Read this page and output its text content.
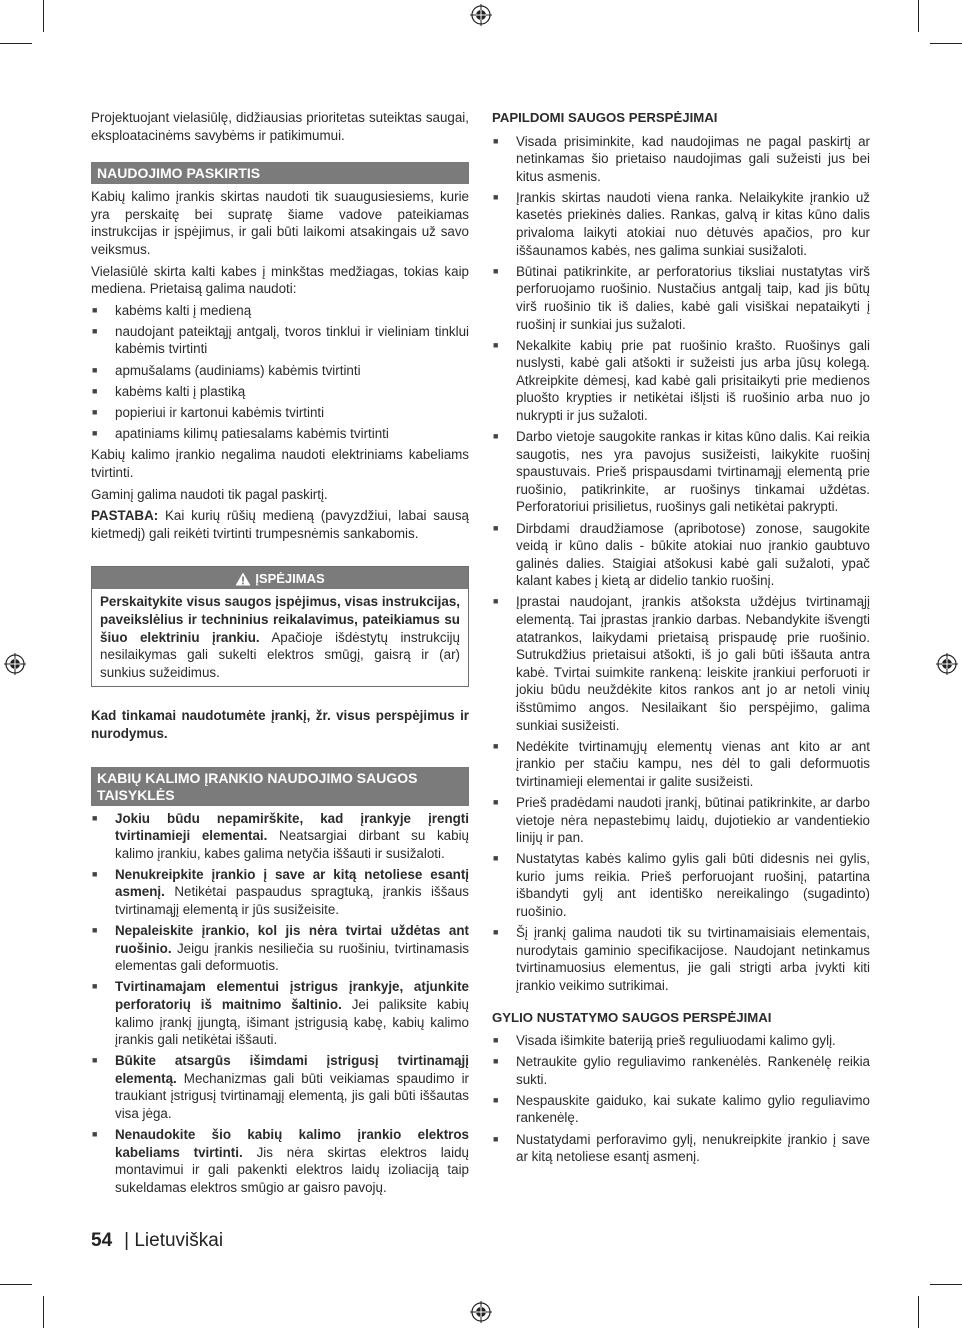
Projektuojant vielasiūlę, didžiausias prioritetas suteiktas saugai, eksploatacinėms savybėms ir patikimumui.

NAUDOJIMO PASKIRTIS

Kabių kalimo įrankis skirtas naudoti tik suaugusiesiems, kurie yra perskaitę bei supratę šiame vadove pateikiamas instrukcijas ir įspėjimus, ir gali būti laikomi atsakingais už savo veiksmus.

Vielasiūlė skirta kalti kabes į minkštas medžiagas, tokias kaip mediena. Prietaisą galima naudoti:

■ kabėms kalti į medieną
■ naudojant pateiktąjį antgalį, tvoros tinklui ir vieliniam tinklui kabėmis tvirtinti
■ apmušalams (audiniams) kabėmis tvirtinti
■ kabėms kalti į plastiką
■ popieriui ir kartonui kabėmis tvirtinti
■ apatiniams kilimų patiesalams kabėmis tvirtinti

Kabių kalimo įrankio negalima naudoti elektriniams kabeliams tvirtinti.

Gaminį galima naudoti tik pagal paskirtį.

PASTABA: Kai kurių rūšių medieną (pavyzdžiui, labai sausą kietmedį) gali reikėti tvirtinti trumpesnėmis sankabomis.

ĮSPĖJIMAS
Perskaitykite visus saugos įspėjimus, visas instrukcijas, paveikslėlius ir techninius reikalavimus, pateikiamus su šiuo elektriniu įrankiu. Apačioje išdėstytų instrukcijų nesilaikymas gali sukelti elektros smūgį, gaisrą ir (ar) sunkius sužeidimus.

Kad tinkamai naudotumėte įrankį, žr. visus perspėjimus ir nurodymus.

KABIŲ KALIMO ĮRANKIO NAUDOJIMO SAUGOS TAISYKLĖS
■ Jokiu būdu nepamirškite, kad įrankyje įrengti tvirtinamieji elementai. Neatsargiai dirbant su kabių kalimo įrankiu, kabes galima netyčia iššauti ir susižaloti.
■ Nenukreipkite įrankio į save ar kitą netoliese esantį asmenį. Netikėtai paspaudus spragtuką, įrankis iššaus tvirtinamąjį elementą ir jūs susižeisite.
■ Nepaleiskite įrankio, kol jis nėra tvirtai uždėtas ant ruošinio. Jeigu įrankis nesiliečia su ruošiniu, tvirtinamasis elementas gali deformuotis.
■ Tvirtinamajam elementui įstrigus įrankyje, atjunkite perforatorių iš maitnimo šaltinio. Jei paliksite kabių kalimo įrankį įjungtą, išimant įstrigusią kabę, kabių kalimo įrankis gali netikėtai iššauti.
■ Būkite atsargūs išimdami įstrigusį tvirtinamąjį elementą. Mechanizmas gali būti veikiamas spaudimo ir traukiant įstrigusį tvirtinamąjį elementą, jis gali būti iššautas visa jėga.
■ Nenaudokite šio kabių kalimo įrankio elektros kabeliams tvirtinti. Jis nėra skirtas elektros laidų montavimui ir gali pakenkti elektros laidų izoliaciją taip sukeldamas elektros smūgio ar gaisro pavojų.
PAPILDOMI SAUGOS PERSPĖJIMAI
■ Visada prisiminkite, kad naudojimas ne pagal paskirtį ar netinkamas šio prietaiso naudojimas gali sužeisti jus bei kitus asmenis.
■ Įrankis skirtas naudoti viena ranka. Nelaikykite įrankio už kasetės priekinės dalies. Rankas, galvą ir kitas kūno dalis privaloma laikyti atokiai nuo dėtuvės apačios, pro kur iššaunamos kabės, nes galima sunkiai susižaloti.
■ Būtinai patikrinkite, ar perforatorius tiksliai nustatytas virš perforuojamo ruošinio. Nustačius antgalį taip, kad jis būtų virš ruošinio tik iš dalies, kabė gali visiškai nepataikyti į ruošinį ir sunkiai jus sužaloti.
■ Nekalkite kabių prie pat ruošinio krašto. Ruošinys gali nuslysti, kabė gali atšokti ir sužeisti jus arba jūsų kolegą. Atkreipkite dėmesį, kad kabė gali prisitaikyti prie medienos pluošto krypties ir netikėtai išlįsti iš ruošinio arba nuo jo nukrypti ir jus sužaloti.
■ Darbo vietoje saugokite rankas ir kitas kūno dalis. Kai reikia saugotis, nes yra pavojus susižeisti, laikykite ruošinį spaustuvais. Prieš prispausdami tvirtinamąjį elementą prie ruošinio, patikrinkite, ar ruošinys tinkamai uždėtas. Perforatoriui prisilietus, ruošinys gali netikėtai pakrypti.
■ Dirbdami draudžiamose (apribotose) zonose, saugokite veidą ir kūno dalis - būkite atokiai nuo įrankio gaubtuvo galinės dalies. Staigiai atšokusi kabė gali sužaloti, ypač kalant kabes į kietą ar didelio tankio ruošinį.
■ Įprastai naudojant, įrankis atšoksta uždėjus tvirtinamąjį elementą. Tai įprastas įrankio darbas. Nebandykite išvengti atatrankos, laikydami prietaisą prispaudę prie ruošinio. Sutrukdžius prietaisui atšokti, iš jo gali būti iššauta antra kabė. Tvirtai suimkite rankeną: leiskite įrankiui perforuoti ir jokiu būdu neuždėkite kitos rankos ant jo ar netoli vinių išstūmimo angos. Nesilaikant šio perspėjimo, galima sunkiai susižeisti.
■ Nedėkite tvirtinamųjų elementų vienas ant kito ar ant įrankio per stačiu kampu, nes dėl to gali deformuotis tvirtinamieji elementai ir galite susižeisti.
■ Prieš pradėdami naudoti įrankį, būtinai patikrinkite, ar darbo vietoje nėra nepastebimų laidų, dujotiekio ar vandentiekio linijų ir pan.
■ Nustatytas kabės kalimo gylis gali būti didesnis nei gylis, kurio jums reikia. Prieš perforuojant ruošinį, patartina išbandyti gylį ant identiško nereikalingo (sugadinto) ruošinio.
■ Šį įrankį galima naudoti tik su tvirtinamaisiais elementais, nurodytais gaminio specifikacijose. Naudojant netinkamus tvirtinamuosius elementus, jie gali strigti arba įvykti kiti įrankio veikimo sutrikimai.
GYLIO NUSTATYMO SAUGOS PERSPĖJIMAI
■ Visada išimkite bateriją prieš reguliuodami kalimo gylį.
■ Netraukite gylio reguliavimo rankenėlės. Rankenėlę reikia sukti.
■ Nespauskite gaiduko, kai sukate kalimo gylio reguliavimo rankenėlę.
■ Nustatydami perforavimo gylį, nenukreipkite įrankio į save ar kitą netoliese esantį asmenį.
54 | Lietuviškai
